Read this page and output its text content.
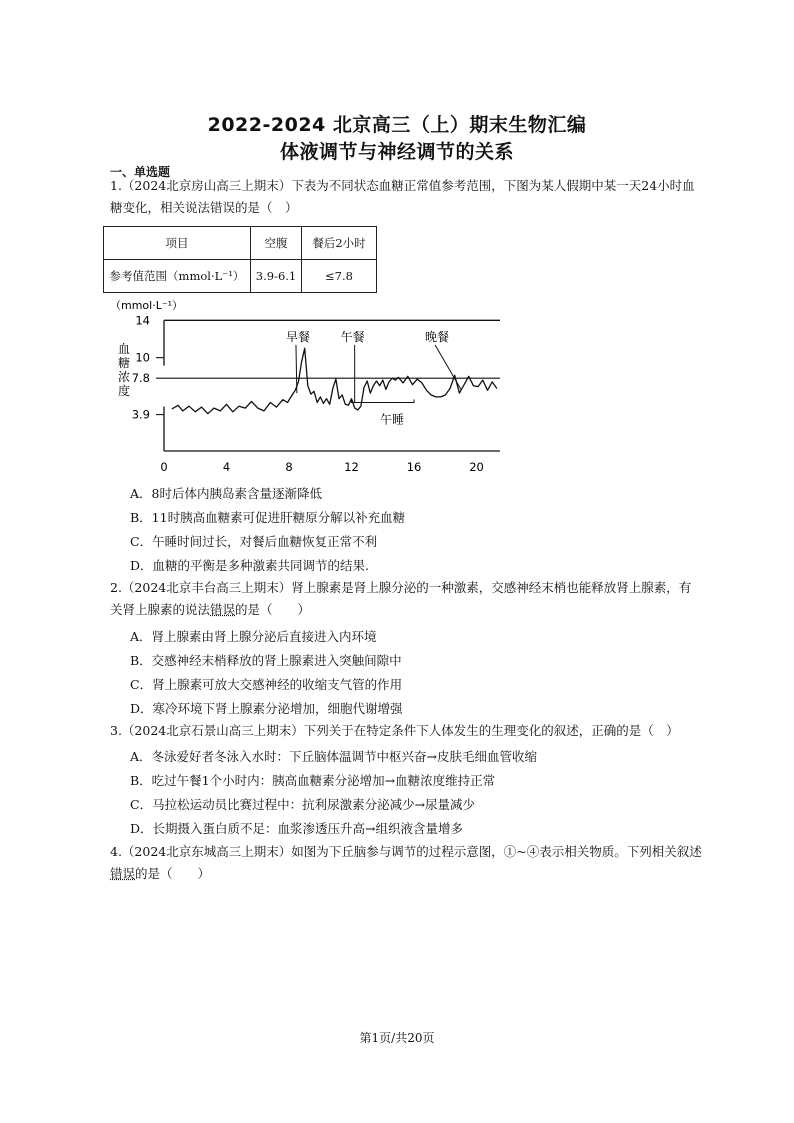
2022-2024 北京高三（上）期末生物汇编
体液调节与神经调节的关系
一、单选题
1.（2024北京房山高三上期末）下表为不同状态血糖正常值参考范围，下图为某人假期中某一天24小时血
糖变化，相关说法错误的是（　）
项目	空腹	餐后2小时
参考值范围（mmol·L⁻¹）	3.9-6.1	≤7.8
（mmol·L⁻¹）
血
糖
浓
度
14
10
7.8
3.9
0	4	8	12	16	20
早餐	午餐	晚餐
午睡
A．8时后体内胰岛素含量逐渐降低
B．11时胰高血糖素可促进肝糖原分解以补充血糖
C．午睡时间过长，对餐后血糖恢复正常不利
D．血糖的平衡是多种激素共同调节的结果.
2.（2024北京丰台高三上期末）肾上腺素是肾上腺分泌的一种激素，交感神经末梢也能释放肾上腺素，有
关肾上腺素的说法错误的是（　　）
A．肾上腺素由肾上腺分泌后直接进入内环境
B．交感神经末梢释放的肾上腺素进入突触间隙中
C．肾上腺素可放大交感神经的收缩支气管的作用
D．寒冷环境下肾上腺素分泌增加，细胞代谢增强
3.（2024北京石景山高三上期末）下列关于在特定条件下人体发生的生理变化的叙述，正确的是（　）
A．冬泳爱好者冬泳入水时：下丘脑体温调节中枢兴奋→皮肤毛细血管收缩
B．吃过午餐1个小时内：胰高血糖素分泌增加→血糖浓度维持正常
C．马拉松运动员比赛过程中：抗利尿激素分泌减少→尿量减少
D．长期摄入蛋白质不足：血浆渗透压升高→组织液含量增多
4.（2024北京东城高三上期末）如图为下丘脑参与调节的过程示意图，①~④表示相关物质。下列相关叙述
错误的是（　　）
第1页/共20页
